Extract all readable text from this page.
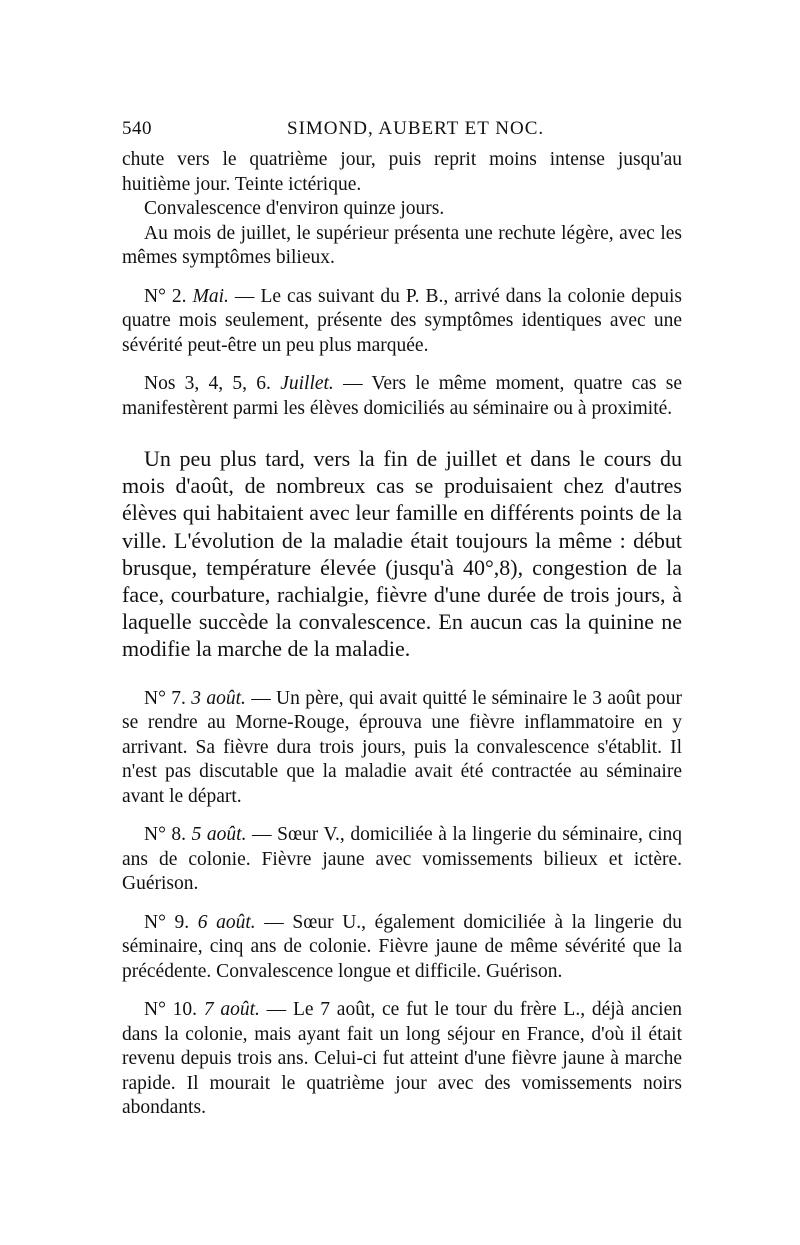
540	SIMOND, AUBERT ET NOC.

chute vers le quatrième jour, puis reprit moins intense jusqu'au huitième jour. Teinte ictérique.

Convalescence d'environ quinze jours.

Au mois de juillet, le supérieur présenta une rechute légère, avec les mêmes symptômes bilieux.

N° 2. Mai. — Le cas suivant du P. B., arrivé dans la colonie depuis quatre mois seulement, présente des symptômes identiques avec une sévérité peut-être un peu plus marquée.

Nos 3, 4, 5, 6. Juillet. — Vers le même moment, quatre cas se manifestèrent parmi les élèves domiciliés au séminaire ou à proximité.

Un peu plus tard, vers la fin de juillet et dans le cours du mois d'août, de nombreux cas se produisaient chez d'autres élèves qui habitaient avec leur famille en différents points de la ville. L'évolution de la maladie était toujours la même : début brusque, température élevée (jusqu'à 40°,8), congestion de la face, courbature, rachialgie, fièvre d'une durée de trois jours, à laquelle succède la convalescence. En aucun cas la quinine ne modifie la marche de la maladie.

N° 7. 3 août. — Un père, qui avait quitté le séminaire le 3 août pour se rendre au Morne-Rouge, éprouva une fièvre inflammatoire en y arrivant. Sa fièvre dura trois jours, puis la convalescence s'établit. Il n'est pas discutable que la maladie avait été contractée au séminaire avant le départ.

N° 8. 5 août. — Sœur V., domiciliée à la lingerie du séminaire, cinq ans de colonie. Fièvre jaune avec vomissements bilieux et ictère. Guérison.

N° 9. 6 août. — Sœur U., également domiciliée à la lingerie du séminaire, cinq ans de colonie. Fièvre jaune de même sévérité que la précédente. Convalescence longue et difficile. Guérison.

N° 10. 7 août. — Le 7 août, ce fut le tour du frère L., déjà ancien dans la colonie, mais ayant fait un long séjour en France, d'où il était revenu depuis trois ans. Celui-ci fut atteint d'une fièvre jaune à marche rapide. Il mourait le quatrième jour avec des vomissements noirs abondants.
